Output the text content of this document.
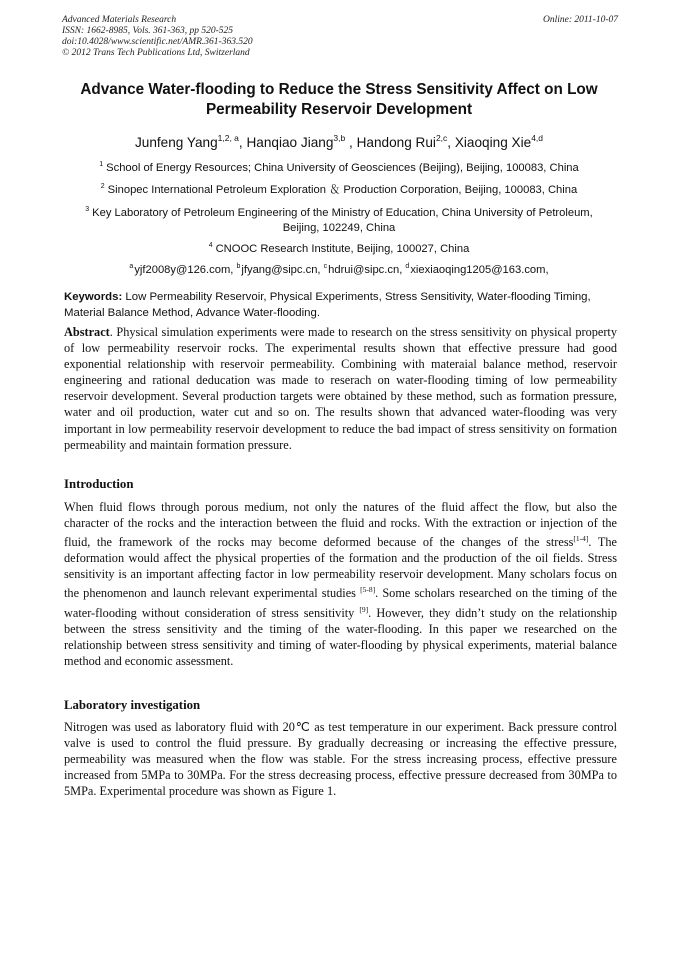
Advanced Materials Research
ISSN: 1662-8985, Vols. 361-363, pp 520-525
doi:10.4028/www.scientific.net/AMR.361-363.520
© 2012 Trans Tech Publications Ltd, Switzerland
Online: 2011-10-07
Advance Water-flooding to Reduce the Stress Sensitivity Affect on Low Permeability Reservoir Development
Junfeng Yang$^{1,2, a}$, Hanqiao Jiang$^{3,b}$ , Handong Rui$^{2,c}$, Xiaoqing Xie$^{4,d}$
$^1$ School of Energy Resources; China University of Geosciences (Beijing), Beijing, 100083, China
$^2$ Sinopec International Petroleum Exploration ＆ Production Corporation, Beijing, 100083, China
$^3$ Key Laboratory of Petroleum Engineering of the Ministry of Education, China University of Petroleum, Beijing, 102249, China
$^4$ CNOOC Research Institute, Beijing, 100027, China
$^a$yjf2008y@126.com, $^b$jfyang@sipc.cn, $^c$hdrui@sipc.cn, $^d$xiexiaoqing1205@163.com,
Keywords: Low Permeability Reservoir, Physical Experiments, Stress Sensitivity, Water-flooding Timing, Material Balance Method, Advance Water-flooding.
Abstract. Physical simulation experiments were made to research on the stress sensitivity on physical property of low permeability reservoir rocks. The experimental results shown that effective pressure had good exponential relationship with reservoir permeability. Combining with materaial balance method, reservoir engineering and rational deducation was made to reserach on water-flooding timing of low permeability reservoir development. Several production targets were obtained by these method, such as formation pressure, water and oil production, water cut and so on. The results shown that advanced water-flooding was very important in low permeability reservoir development to reduce the bad impact of stress sensitivity on formation permeability and maintain formation pressure.
Introduction
When fluid flows through porous medium, not only the natures of the fluid affect the flow, but also the character of the rocks and the interaction between the fluid and rocks. With the extraction or injection of the fluid, the framework of the rocks may become deformed because of the changes of the stress[1-4]. The deformation would affect the physical properties of the formation and the production of the oil fields. Stress sensitivity is an important affecting factor in low permeability reservoir development. Many scholars focus on the phenomenon and launch relevant experimental studies [5-8]. Some scholars researched on the timing of the water-flooding without consideration of stress sensitivity [9]. However, they didn’t study on the relationship between the stress sensitivity and the timing of the water-flooding. In this paper we researched on the relationship between stress sensitivity and timing of water-flooding by physical experiments, material balance method and economic assessment.
Laboratory investigation
Nitrogen was used as laboratory fluid with 20℃ as test temperature in our experiment. Back pressure control valve is used to control the fluid pressure. By gradually decreasing or increasing the effective pressure, permeability was measured when the flow was stable. For the stress increasing process, effective pressure increased from 5MPa to 30MPa. For the stress decreasing process, effective pressure decreased from 30MPa to 5MPa. Experimental procedure was shown as Figure 1.
